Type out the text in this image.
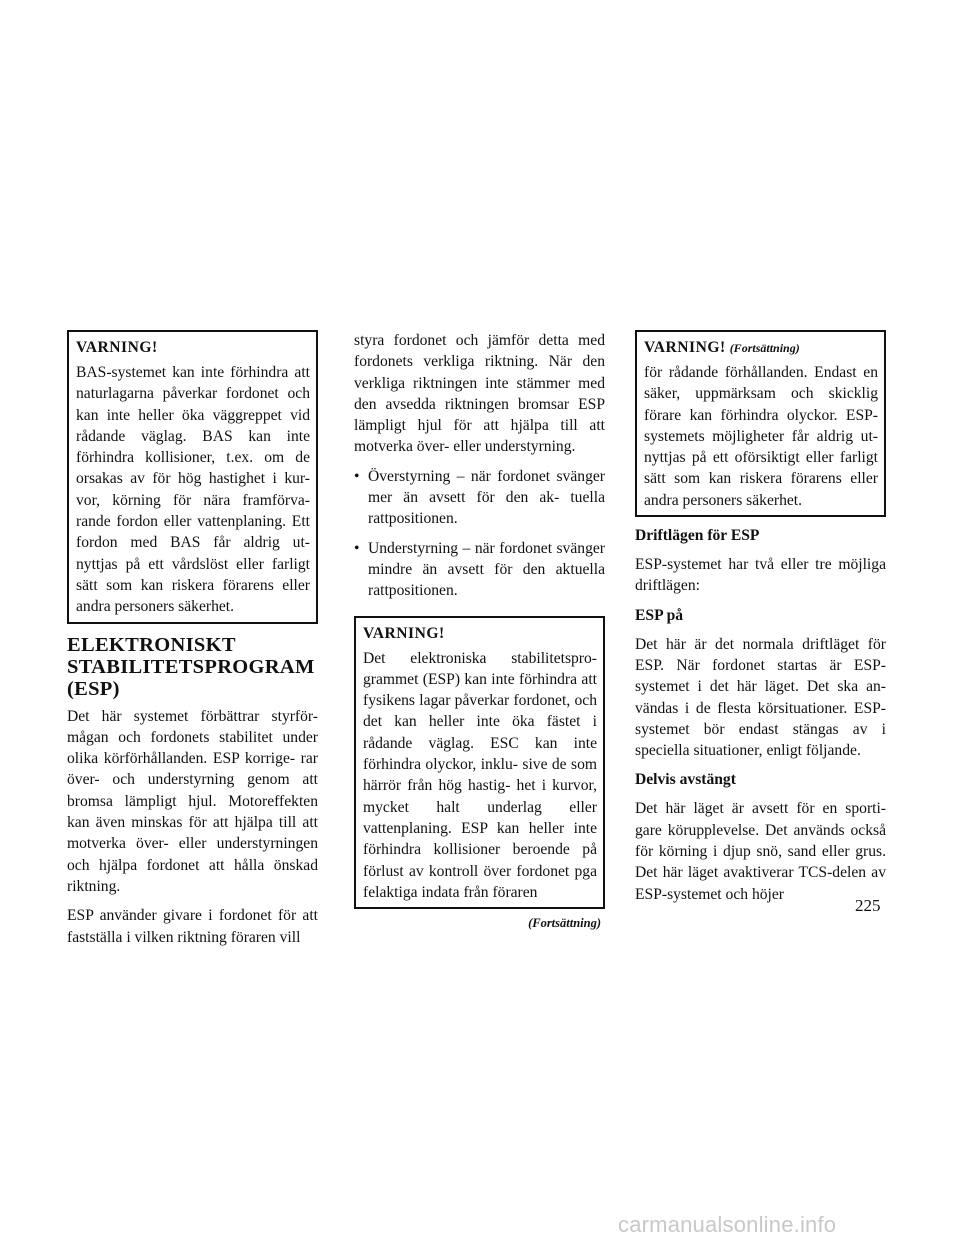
VARNING!

BAS-systemet kan inte förhindra att naturlagarna påverkar fordonet och kan inte heller öka väggreppet vid rådande väglag. BAS kan inte förhindra kollisioner, t.ex. om de orsakas av för hög hastighet i kur- vor, körning för nära framförva- rande fordon eller vattenplaning. Ett fordon med BAS får aldrig ut- nyttjas på ett vårdslöst eller farligt sätt som kan riskera förarens eller andra personers säkerhet.

ELEKTRONISKT STABILITETSPROGRAM (ESP)

Det här systemet förbättrar styrför- mågan och fordonets stabilitet under olika körförhållanden. ESP korrige- rar över- och understyrning genom att bromsa lämpligt hjul. Motoreffekten kan även minskas för att hjälpa till att motverka över- eller understyrningen och hjälpa fordonet att hålla önskad riktning.

ESP använder givare i fordonet för att fastställa i vilken riktning föraren vill

styra fordonet och jämför detta med fordonets verkliga riktning. När den verkliga riktningen inte stämmer med den avsedda riktningen bromsar ESP lämpligt hjul för att hjälpa till att motverka över- eller understyrning.

• Överstyrning – när fordonet svänger mer än avsett för den ak- tuella rattpositionen.
• Understyrning – när fordonet svänger mindre än avsett för den aktuella rattpositionen.
VARNING!

Det elektroniska stabilitetspro- grammet (ESP) kan inte förhindra att fysikens lagar påverkar fordonet, och det kan heller inte öka fästet i rådande väglag. ESC kan inte förhindra olyckor, inklu- sive de som härrör från hög hastig- het i kurvor, mycket halt underlag eller vattenplaning. ESP kan heller inte förhindra kollisioner beroende på förlust av kontroll över fordonet pga felaktiga indata från föraren

(Fortsättning)
VARNING! (Fortsättning)

för rådande förhållanden. Endast en säker, uppmärksam och skicklig förare kan förhindra olyckor. ESP- systemets möjligheter får aldrig ut- nyttjas på ett oförsiktigt eller farligt sätt som kan riskera förarens eller andra personers säkerhet.

Driftlägen för ESP

ESP-systemet har två eller tre möjliga driftlägen:

ESP på

Det här är det normala driftläget för ESP. När fordonet startas är ESP- systemet i det här läget. Det ska an- vändas i de flesta körsituationer. ESP- systemet bör endast stängas av i speciella situationer, enligt följande.

Delvis avstängt

Det här läget är avsett för en sporti- gare körupplevelse. Det används också för körning i djup snö, sand eller grus. Det här läget avaktiverar TCS-delen av ESP-systemet och höjer

225
carmanualsonline.info
